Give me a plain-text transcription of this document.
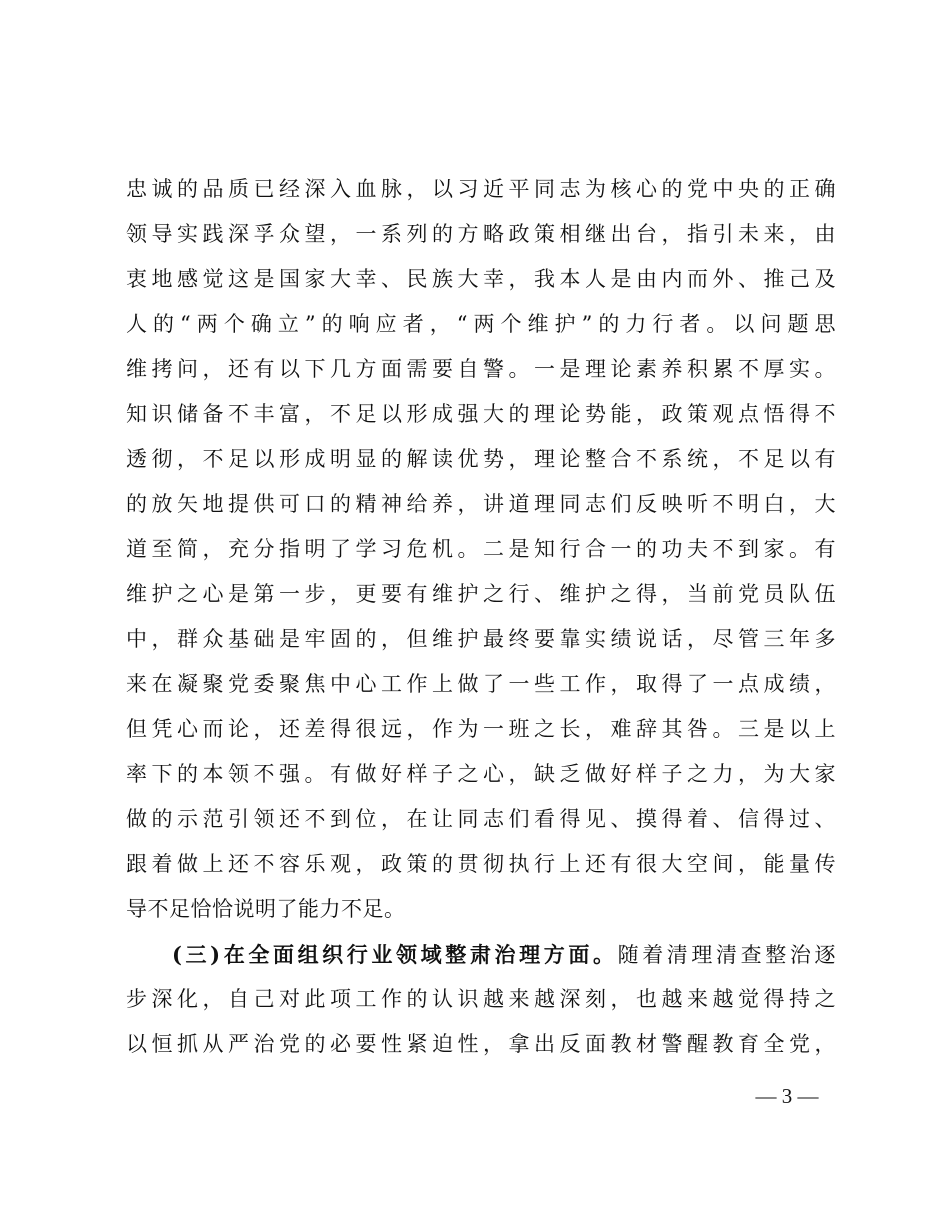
忠诚的品质已经深入血脉，以习近平同志为核心的党中央的正确
领导实践深孚众望，一系列的方略政策相继出台，指引未来，由
衷地感觉这是国家大幸、民族大幸，我本人是由内而外、推己及
人的“两个确立”的响应者，“两个维护”的力行者。以问题思
维拷问，还有以下几方面需要自警。一是理论素养积累不厚实。
知识储备不丰富，不足以形成强大的理论势能，政策观点悟得不
透彻，不足以形成明显的解读优势，理论整合不系统，不足以有
的放矢地提供可口的精神给养，讲道理同志们反映听不明白，大
道至简，充分指明了学习危机。二是知行合一的功夫不到家。有
维护之心是第一步，更要有维护之行、维护之得，当前党员队伍
中，群众基础是牢固的，但维护最终要靠实绩说话，尽管三年多
来在凝聚党委聚焦中心工作上做了一些工作，取得了一点成绩，
但凭心而论，还差得很远，作为一班之长，难辞其咎。三是以上
率下的本领不强。有做好样子之心，缺乏做好样子之力，为大家
做的示范引领还不到位，在让同志们看得见、摸得着、信得过、
跟着做上还不容乐观，政策的贯彻执行上还有很大空间，能量传
导不足恰恰说明了能力不足。
(三)在全面组织行业领域整肃治理方面。随着清理清查整治逐
步深化，自己对此项工作的认识越来越深刻，也越来越觉得持之
以恒抓从严治党的必要性紧迫性，拿出反面教材警醒教育全党，
— 3 —
